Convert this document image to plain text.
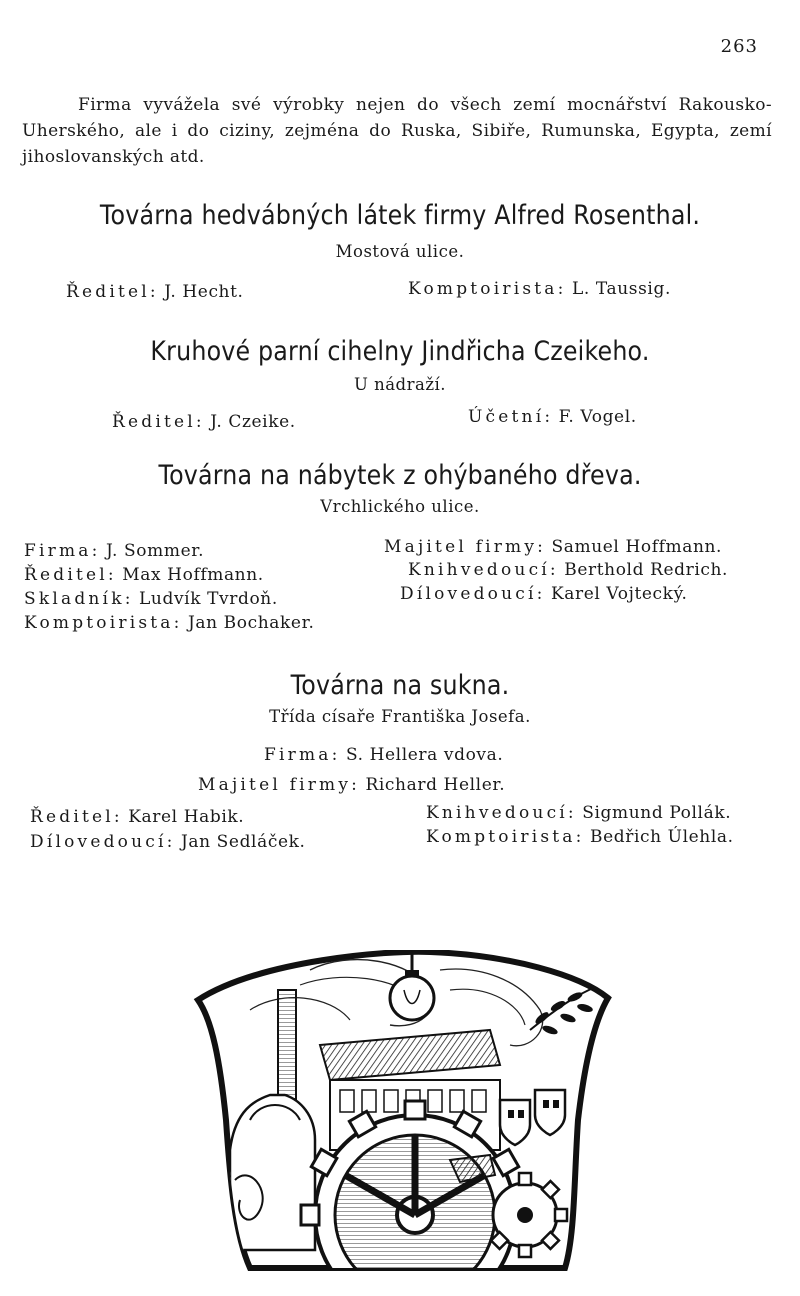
263

Firma vyvážela své výrobky nejen do všech zemí mocnářství Rakousko-Uherského, ale i do ciziny, zejména do Ruska, Sibiře, Rumunska, Egypta, zemí jihoslovanských atd.

Továrna hedvábných látek firmy Alfred Rosenthal.
Mostová ulice.
Ředitel: J. Hecht.	Komptoirista: L. Taussig.
Kruhové parní cihelny Jindřicha Czeikeho.
U nádraží.
Ředitel: J. Czeike.	Účetní: F. Vogel.
Továrna na nábytek z ohýbaného dřeva.
Vrchlického ulice.
Firma: J. Sommer.
Ředitel: Max Hoffmann.
Skladník: Ludvík Tvrdoň.
Komptoirista: Jan Bochaker.
Majitel firmy: Samuel Hoffmann.
Knihvedoucí: Berthold Redrich.
Dílovedoucí: Karel Vojtecký.
Továrna na sukna.
Třída císaře Františka Josefa.
Firma: S. Hellera vdova.
Majitel firmy: Richard Heller.
Ředitel: Karel Habik.	Knihvedoucí: Sigmund Pollák.
Dílovedoucí: Jan Sedláček.	Komptoirista: Bedřich Úlehla.
